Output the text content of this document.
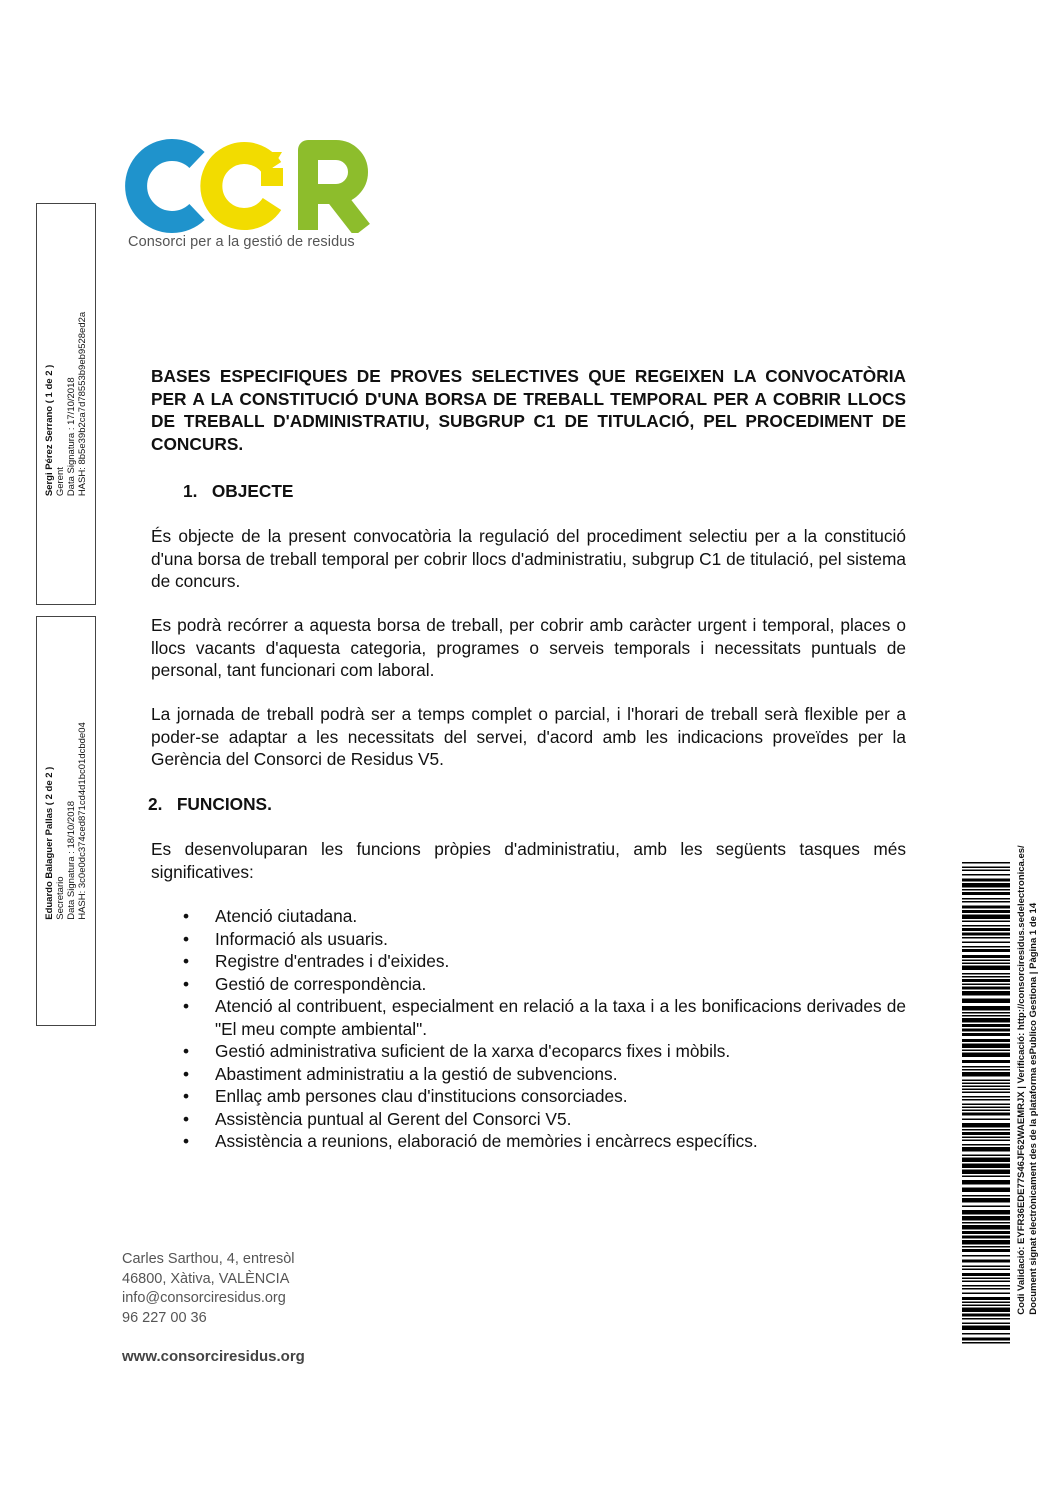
Consorci per a la gestió de residus
Sergi Pérez Serrano ( 1 de 2 ) Gerent Data Signatura : 17/10/2018 HASH: 8b5e39b2ca7d78553b9eb9528ed2a
Eduardo Balaguer Pallas ( 2 de 2 ) Secretario Data Signatura : 18/10/2018 HASH: 3c0e0dc374ced871cd4d1bc01dcbde04

BASES ESPECIFIQUES DE PROVES SELECTIVES QUE REGEIXEN LA CONVOCATÒRIA PER A LA CONSTITUCIÓ D'UNA BORSA DE TREBALL TEMPORAL PER A COBRIR LLOCS DE TREBALL D'ADMINISTRATIU, SUBGRUP C1 DE TITULACIÓ, PEL PROCEDIMENT DE CONCURS.

1. OBJECTE

És objecte de la present convocatòria la regulació del procediment selectiu per a la constitució d'una borsa de treball temporal per cobrir llocs d'administratiu, subgrup C1 de titulació, pel sistema de concurs.

Es podrà recórrer a aquesta borsa de treball, per cobrir amb caràcter urgent i temporal, places o llocs vacants d'aquesta categoria, programes o serveis temporals i necessitats puntuals de personal, tant funcionari com laboral.

La jornada de treball podrà ser a temps complet o parcial, i l'horari de treball serà flexible per a poder-se adaptar a les necessitats del servei, d'acord amb les indicacions proveïdes per la Gerència del Consorci de Residus V5.

2. FUNCIONS.

Es desenvoluparan les funcions pròpies d'administratiu, amb les següents tasques més significatives:

• Atenció ciutadana.
• Informació als usuaris.
• Registre d'entrades i d'eixides.
• Gestió de correspondència.
• Atenció al contribuent, especialment en relació a la taxa i a les bonificacions derivades de "El meu compte ambiental".
• Gestió administrativa suficient de la xarxa d'ecoparcs fixes i mòbils.
• Abastiment administratiu a la gestió de subvencions.
• Enllaç amb persones clau d'institucions consorciades.
• Assistència puntual al Gerent del Consorci V5.
• Assistència a reunions, elaboració de memòries i encàrrecs específics.
Carles Sarthou, 4, entresòl
46800, Xàtiva, VALÈNCIA
info@consorciresidus.org
96 227 00 36
www.consorciresidus.org
Codi Validació: EYFR36EDE77S46JF62WAEMRJX | Verificació: http://consorciresidus.sedelectronica.es/ Document signat electrònicament des de la plataforma esPublico Gestiona | Pàgina 1 de 14
